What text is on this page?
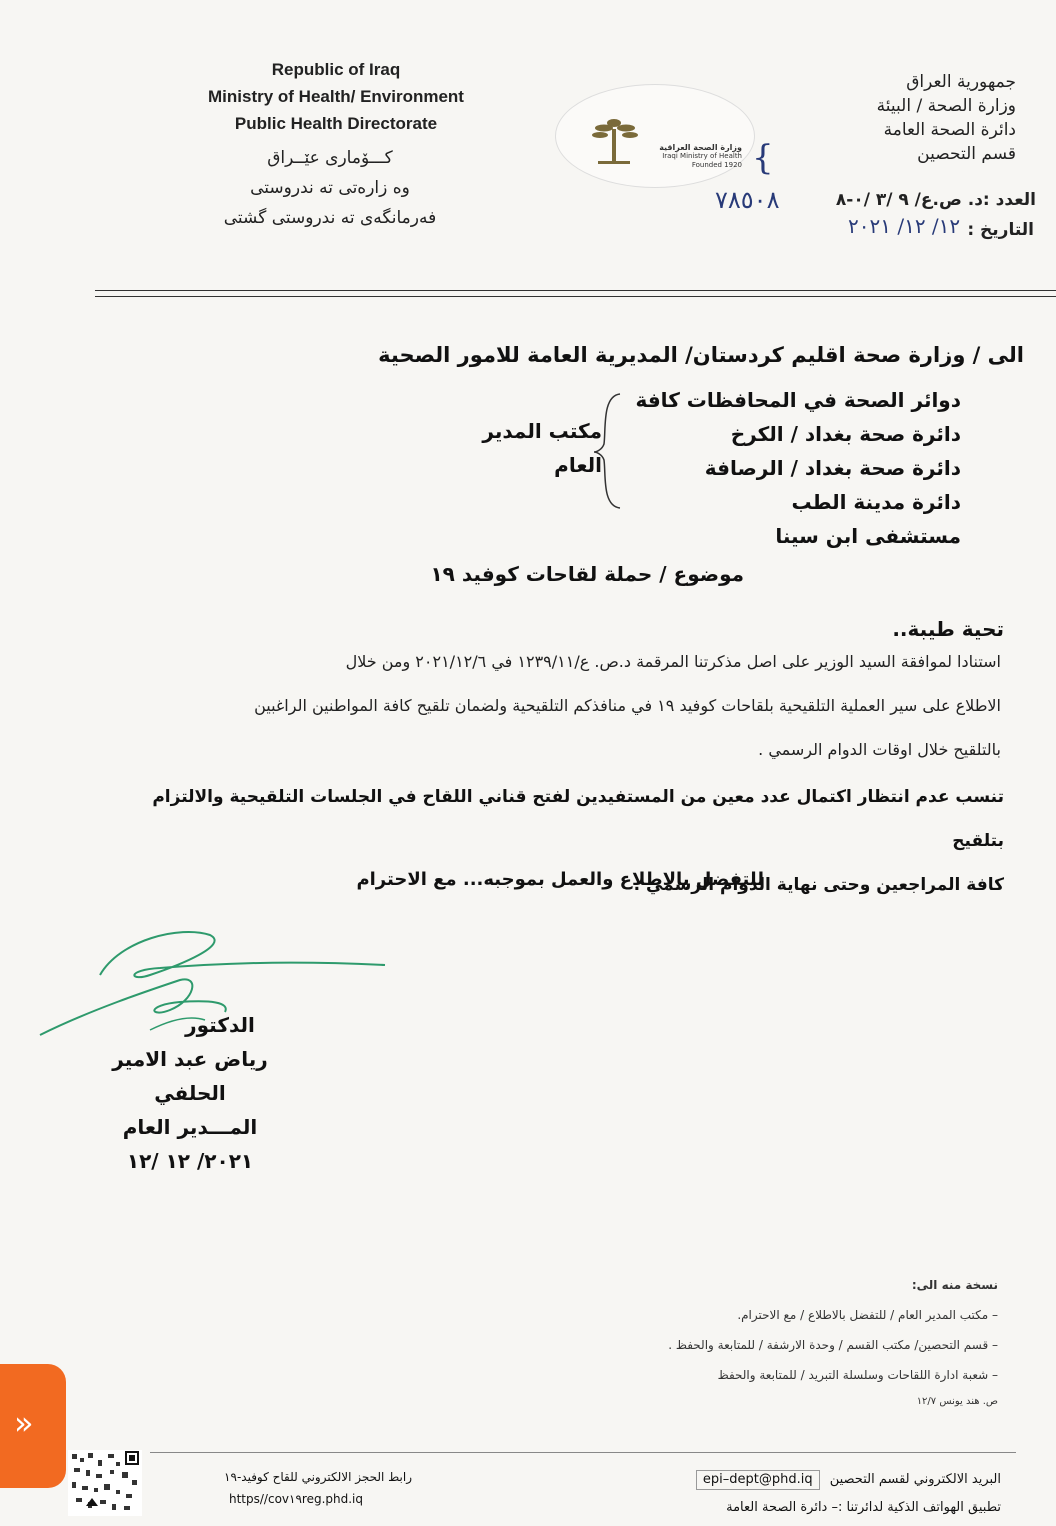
Republic of Iraq
Ministry of Health/ Environment
Public Health Directorate
کـــۆماری عێــراق
وه زارەتی ته ندروستی
فەرمانگەی ته ندروستی گشتی
وزارة الصحة العراقية
Iraqi Ministry of Health
Founded 1920
جمهورية العراق
وزارة الصحة / البيئة
دائرة الصحة العامة
قسم التحصين
العدد :د. ص.ع/ ٩ /٣ /٠-٨
٧٨٥٠٨
التاريخ :
١٢/ ١٢/ ٢٠٢١
{
الى / وزارة صحة اقليم كردستان/ المديرية العامة للامور الصحية
دوائر الصحة في المحافظات كافة
دائرة صحة بغداد / الكرخ
دائرة صحة بغداد / الرصافة
دائرة مدينة الطب
مستشفى ابن سينا
مكتب المدير العام
موضوع / حملة لقاحات كوفيد ١٩
تحية طيبة..
استنادا لموافقة السيد الوزير على اصل مذكرتنا المرقمة د.ص. ع/١٢٣٩/١١ في ٢٠٢١/١٢/٦ ومن خلال
الاطلاع على سير العملية التلقيحية بلقاحات كوفيد ١٩ في منافذكم التلقيحية ولضمان تلقيح كافة المواطنين الراغبين
بالتلقيح خلال اوقات الدوام الرسمي .
تنسب عدم انتظار اكتمال عدد معين من المستفيدين لفتح قناني اللقاح في الجلسات التلقيحية والالتزام بتلقيح
كافة المراجعين وحتى نهاية الدوام الرسمي .
للتفضل بالاطلاع والعمل بموجبه... مع الاحترام
الدكتور
رياض عبد الامير الحلفي
المـــدير العام
٢٠٢١/ ١٢ /١٢
نسخة منه الى:
– مكتب المدير العام / للتفضل بالاطلاع / مع الاحترام.
– قسم التحصين/ مكتب القسم / وحدة الارشفة / للمتابعة والحفظ .
– شعبة ادارة اللقاحات وسلسلة التبريد / للمتابعة والحفظ
ص. هند يونس ١٢/٧
البريد الالكتروني لقسم التحصين epi–dept@phd.iq
تطبيق الهواتف الذكية لدائرتنا :– دائرة الصحة العامة
رابط الحجز الالكتروني للقاح كوفيد-١٩
https//cov١٩reg.phd.iq
»
